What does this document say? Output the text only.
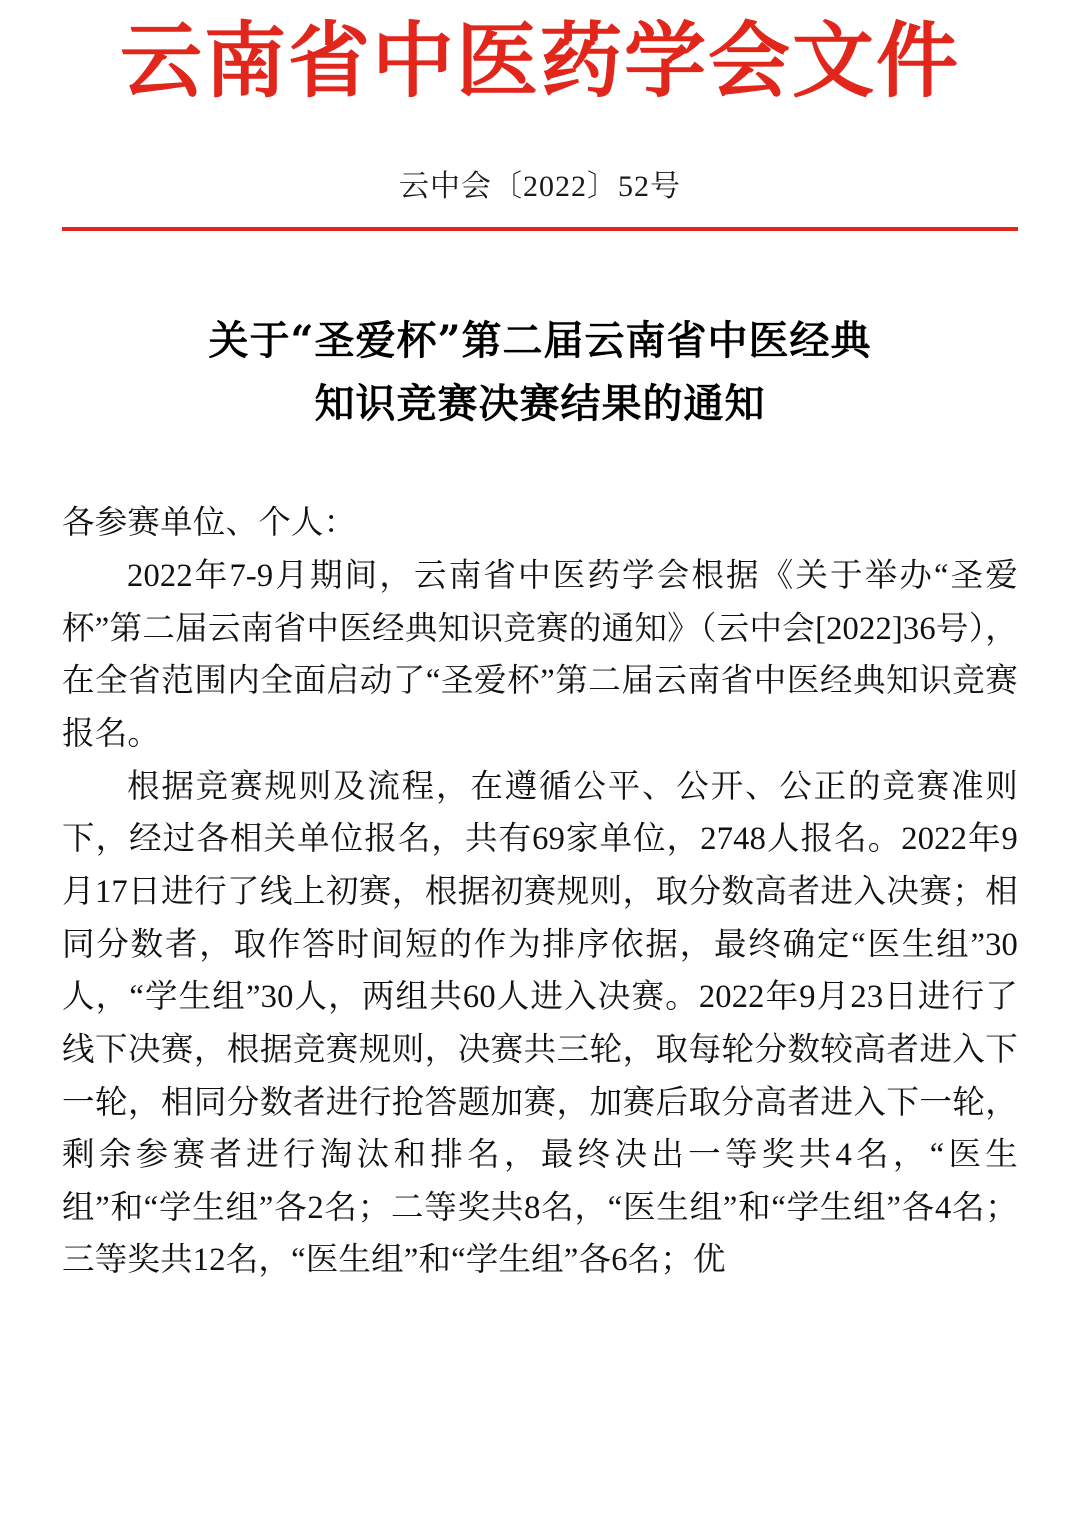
云南省中医药学会文件
云中会〔2022〕52号
关于“圣爱杯”第二届云南省中医经典
知识竞赛决赛结果的通知

各参赛单位、个人：

2022年7-9月期间，云南省中医药学会根据《关于举办“圣爱杯”第二届云南省中医经典知识竞赛的通知》（云中会[2022]36号），在全省范围内全面启动了“圣爱杯”第二届云南省中医经典知识竞赛报名。

根据竞赛规则及流程，在遵循公平、公开、公正的竞赛准则下，经过各相关单位报名，共有69家单位，2748人报名。2022年9月17日进行了线上初赛，根据初赛规则，取分数高者进入决赛；相同分数者，取作答时间短的作为排序依据，最终确定“医生组”30人，“学生组”30人，两组共60人进入决赛。2022年9月23日进行了线下决赛，根据竞赛规则，决赛共三轮，取每轮分数较高者进入下一轮，相同分数者进行抢答题加赛，加赛后取分高者进入下一轮，剩余参赛者进行淘汰和排名，最终决出一等奖共4名，“医生组”和“学生组”各2名；二等奖共8名，“医生组”和“学生组”各4名；三等奖共12名，“医生组”和“学生组”各6名；优
